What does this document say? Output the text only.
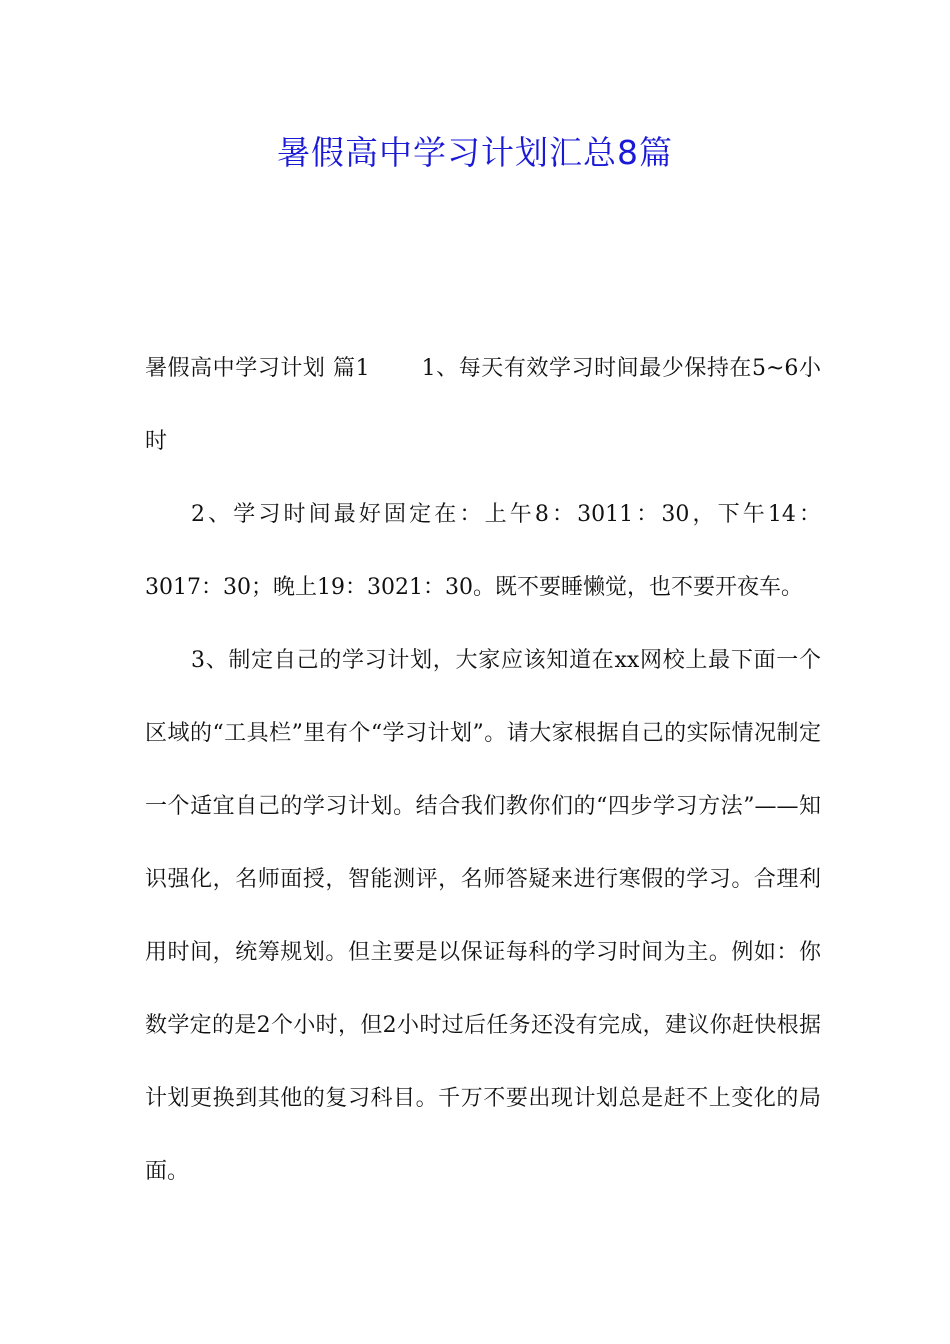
暑假高中学习计划汇总8篇

暑假高中学习计划 篇1 1、每天有效学习时间最少保持在5~6小时

2、学习时间最好固定在：上午8：3011：30，下午14：3017：30；晚上19：3021：30。既不要睡懒觉，也不要开夜车。

3、制定自己的学习计划，大家应该知道在xx网校上最下面一个区域的“工具栏”里有个“学习计划”。请大家根据自己的实际情况制定一个适宜自己的学习计划。结合我们教你们的“四步学习方法”——知识强化，名师面授，智能测评，名师答疑来进行寒假的学习。合理利用时间，统筹规划。但主要是以保证每科的学习时间为主。例如：你数学定的是2个小时，但2小时过后任务还没有完成，建议你赶快根据计划更换到其他的复习科目。千万不要出现计划总是赶不上变化的局面。
